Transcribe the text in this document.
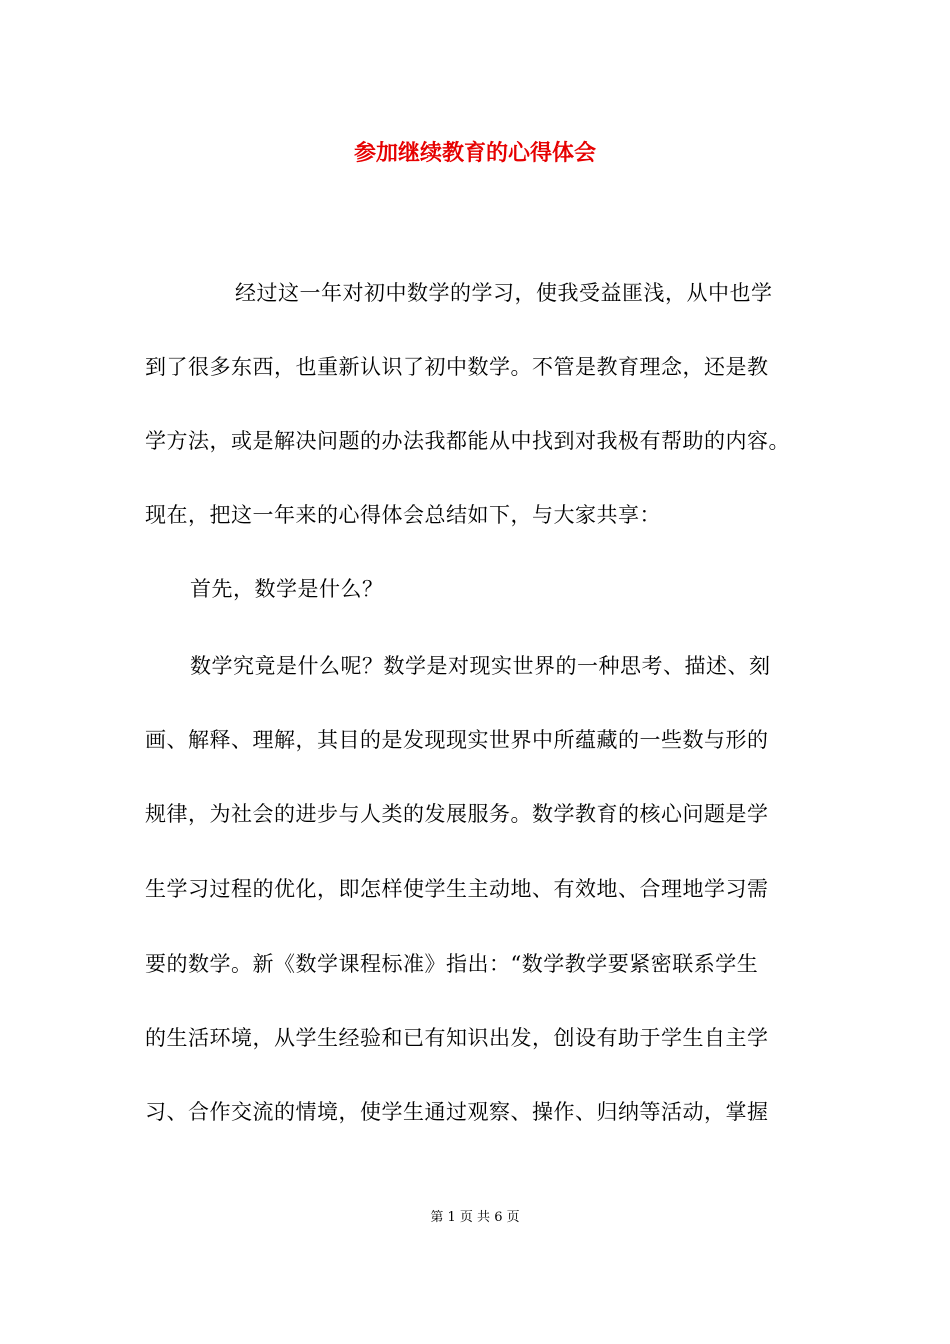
参加继续教育的心得体会
经过这一年对初中数学的学习，使我受益匪浅，从中也学
到了很多东西，也重新认识了初中数学。不管是教育理念，还是教
学方法，或是解决问题的办法我都能从中找到对我极有帮助的内容。
现在，把这一年来的心得体会总结如下，与大家共享：
首先，数学是什么？
数学究竟是什么呢？数学是对现实世界的一种思考、描述、刻
画、解释、理解，其目的是发现现实世界中所蕴藏的一些数与形的
规律，为社会的进步与人类的发展服务。数学教育的核心问题是学
生学习过程的优化，即怎样使学生主动地、有效地、合理地学习需
要的数学。新《数学课程标准》指出：“数学教学要紧密联系学生
的生活环境，从学生经验和已有知识出发，创设有助于学生自主学
习、合作交流的情境，使学生通过观察、操作、归纳等活动，掌握
第 1 页 共 6 页
